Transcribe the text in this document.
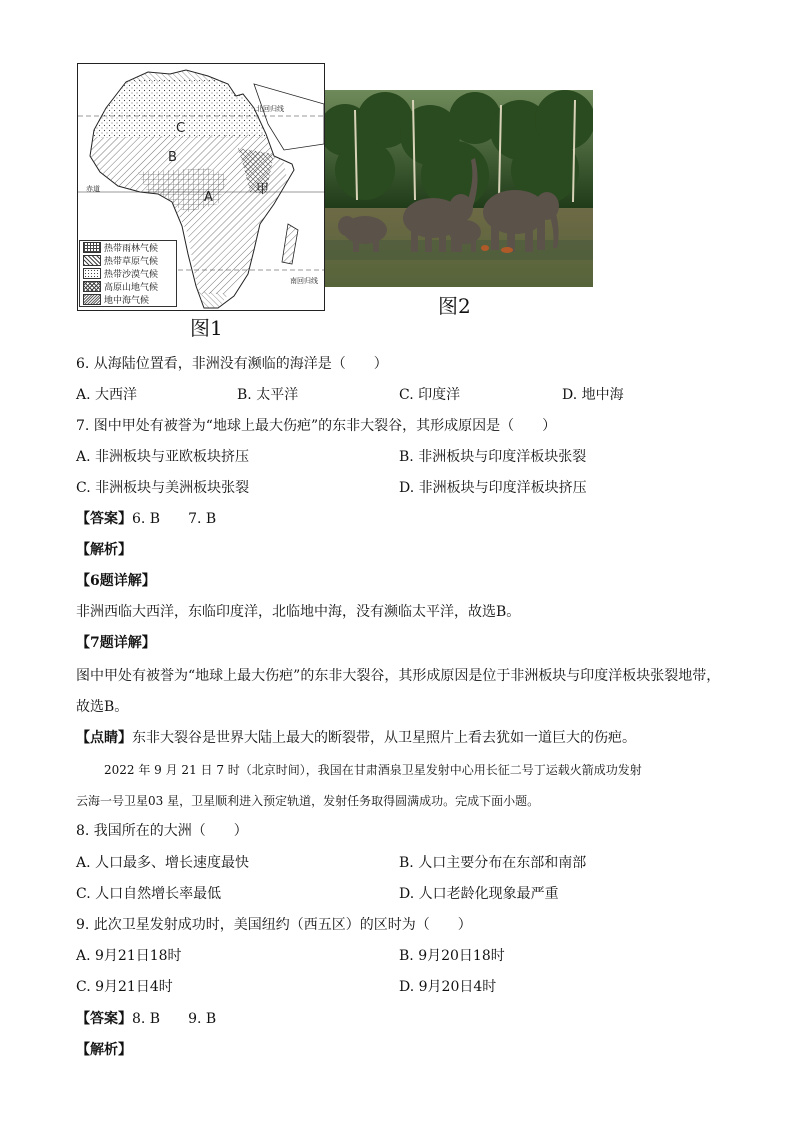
C
B
A
甲
赤道
北回归线
南回归线
热带雨林气候
热带草原气候
热带沙漠气候
高原山地气候
地中海气候
图1
图2
6. 从海陆位置看，非洲没有濒临的海洋是（　　）
A. 大西洋	B. 太平洋	C. 印度洋	D. 地中海
7. 图中甲处有被誉为“地球上最大伤疤”的东非大裂谷，其形成原因是（　　）
A. 非洲板块与亚欧板块挤压	B. 非洲板块与印度洋板块张裂
C. 非洲板块与美洲板块张裂	D. 非洲板块与印度洋板块挤压
【答案】6. B　　7. B
【解析】
【6题详解】
非洲西临大西洋，东临印度洋，北临地中海，没有濒临太平洋，故选B。
【7题详解】
图中甲处有被誉为“地球上最大伤疤”的东非大裂谷，其形成原因是位于非洲板块与印度洋板块张裂地带，
故选B。
【点睛】东非大裂谷是世界大陆上最大的断裂带，从卫星照片上看去犹如一道巨大的伤疤。
2022 年 9 月 21 日 7 时（北京时间），我国在甘肃酒泉卫星发射中心用长征二号丁运载火箭成功发射
云海一号卫星03 星，卫星顺利进入预定轨道，发射任务取得圆满成功。完成下面小题。
8. 我国所在的大洲（　　）
A. 人口最多、增长速度最快	B. 人口主要分布在东部和南部
C. 人口自然增长率最低	D. 人口老龄化现象最严重
9. 此次卫星发射成功时，美国纽约（西五区）的区时为（　　）
A. 9月21日18时	B. 9月20日18时
C. 9月21日4时	D. 9月20日4时
【答案】8. B　　9. B
【解析】
